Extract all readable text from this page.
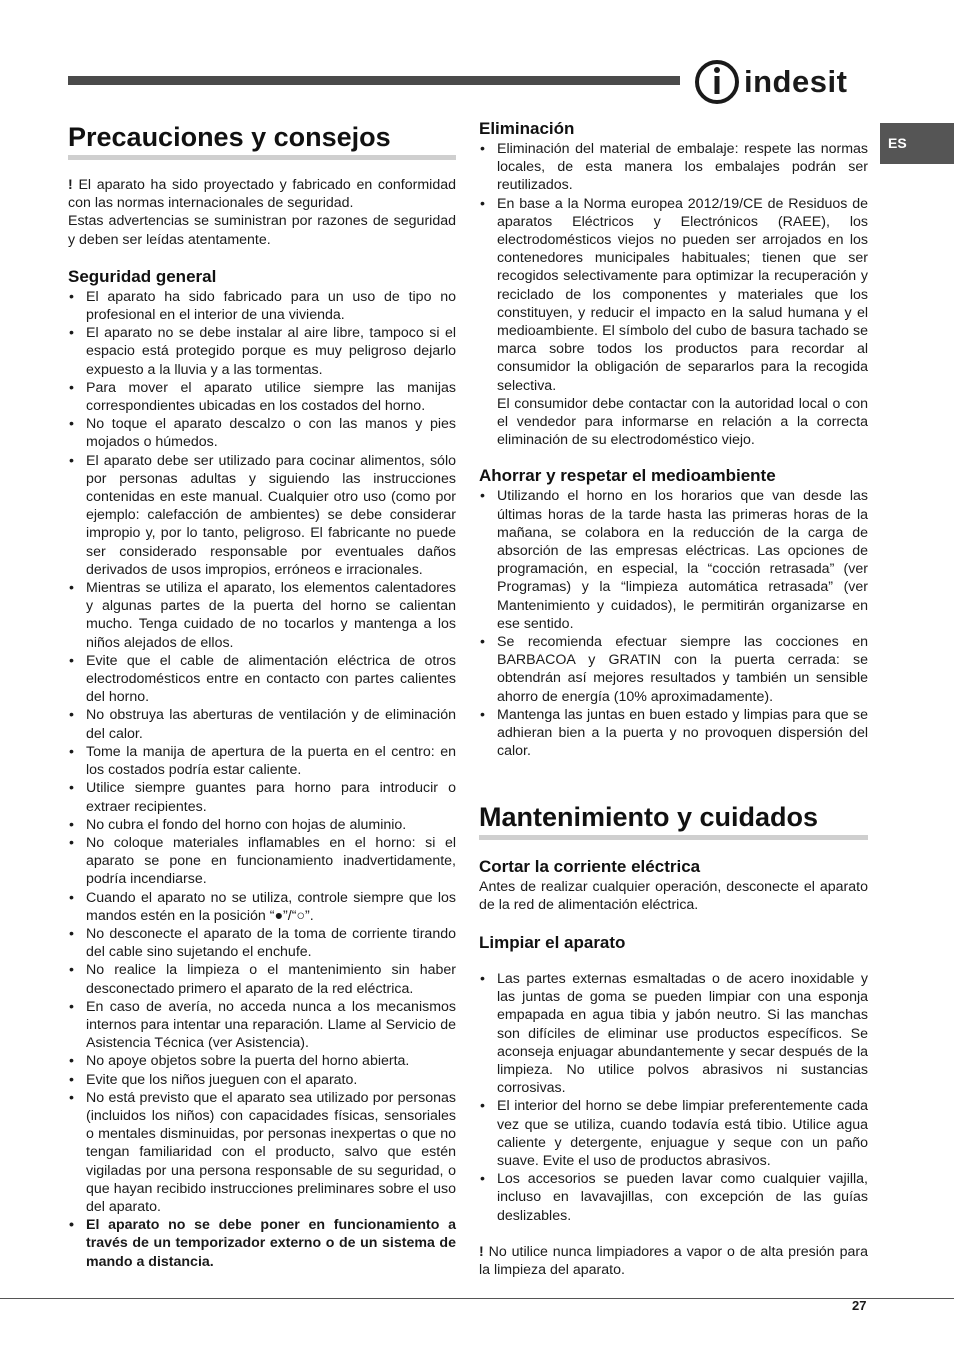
indesit
ES
Precauciones y consejos

! El aparato ha sido proyectado y fabricado en conformidad con las normas internacionales de seguridad.

Estas advertencias se suministran por razones de seguridad y deben ser leídas atentamente.

Seguridad general
• El aparato ha sido fabricado para un uso de tipo no profesional en el interior de una vivienda.
• El aparato no se debe instalar al aire libre, tampoco si el espacio está protegido porque es muy peligroso dejarlo expuesto a la lluvia y a las tormentas.
• Para mover el aparato utilice siempre las manijas correspondientes ubicadas en los costados del horno.
• No toque el aparato descalzo o con las manos y pies mojados o húmedos.
• El aparato debe ser utilizado para cocinar alimentos, sólo por personas adultas y siguiendo las instrucciones contenidas en este manual. Cualquier otro uso (como por ejemplo: calefacción de ambientes) se debe considerar impropio y, por lo tanto, peligroso. El fabricante no puede ser considerado responsable por eventuales daños derivados de usos impropios, erróneos e irracionales.
• Mientras se utiliza el aparato, los elementos calentadores y algunas partes de la puerta del horno se calientan mucho. Tenga cuidado de no tocarlos y mantenga a los niños alejados de ellos.
• Evite que el cable de alimentación eléctrica de otros electrodomésticos entre en contacto con partes calientes del horno.
• No obstruya las aberturas de ventilación y de eliminación del calor.
• Tome la manija de apertura de la puerta en el centro: en los costados podría estar caliente.
• Utilice siempre guantes para horno para introducir o extraer recipientes.
• No cubra el fondo del horno con hojas de aluminio.
• No coloque materiales inflamables en el horno: si el aparato se pone en funcionamiento inadvertidamente, podría incendiarse.
• Cuando el aparato no se utiliza, controle siempre que los mandos estén en la posición “●”/“○”.
• No desconecte el aparato de la toma de corriente tirando del cable sino sujetando el enchufe.
• No realice la limpieza o el mantenimiento sin haber desconectado primero el aparato de la red eléctrica.
• En caso de avería, no acceda nunca a los mecanismos internos para intentar una reparación. Llame al Servicio de Asistencia Técnica (ver Asistencia).
• No apoye objetos sobre la puerta del horno abierta.
• Evite que los niños jueguen con el aparato.
• No está previsto que el aparato sea utilizado por personas (incluidos los niños) con capacidades físicas, sensoriales o mentales disminuidas, por personas inexpertas o que no tengan familiaridad con el producto, salvo que estén vigiladas por una persona responsable de su seguridad, o que hayan recibido instrucciones preliminares sobre el uso del aparato.
• El aparato no se debe poner en funcionamiento a través de un temporizador externo o de un sistema de mando a distancia.
Eliminación
• Eliminación del material de embalaje: respete las normas locales, de esta manera los embalajes podrán ser reutilizados.
• En base a la Norma europea 2012/19/CE de Residuos de aparatos Eléctricos y Electrónicos (RAEE), los electrodomésticos viejos no pueden ser arrojados en los contenedores municipales habituales; tienen que ser recogidos selectivamente para optimizar la recuperación y reciclado de los componentes y materiales que los constituyen, y reducir el impacto en la salud humana y el medioambiente. El símbolo del cubo de basura tachado se marca sobre todos los productos para recordar al consumidor la obligación de separarlos para la recogida selectiva.

El consumidor debe contactar con la autoridad local o con el vendedor para informarse en relación a la correcta eliminación de su electrodoméstico viejo.

Ahorrar y respetar el medioambiente
• Utilizando el horno en los horarios que van desde las últimas horas de la tarde hasta las primeras horas de la mañana, se colabora en la reducción de la carga de absorción de las empresas eléctricas. Las opciones de programación, en especial, la “cocción retrasada” (ver Programas) y la “limpieza automática retrasada” (ver Mantenimiento y cuidados), le permitirán organizarse en ese sentido.
• Se recomienda efectuar siempre las cocciones en BARBACOA y GRATIN con la puerta cerrada: se obtendrán así mejores resultados y también un sensible ahorro de energía (10% aproximadamente).
• Mantenga las juntas en buen estado y limpias para que se adhieran bien a la puerta y no provoquen dispersión del calor.
Mantenimiento y cuidados
Cortar la corriente eléctrica

Antes de realizar cualquier operación, desconecte el aparato de la red de alimentación eléctrica.

Limpiar el aparato
• Las partes externas esmaltadas o de acero inoxidable y las juntas de goma se pueden limpiar con una esponja empapada en agua tibia y jabón neutro. Si las manchas son difíciles de eliminar use productos específicos. Se aconseja enjuagar abundantemente y secar después de la limpieza. No utilice polvos abrasivos ni sustancias corrosivas.
• El interior del horno se debe limpiar preferentemente cada vez que se utiliza, cuando todavía está tibio. Utilice agua caliente y detergente, enjuague y seque con un paño suave. Evite el uso de productos abrasivos.
• Los accesorios se pueden lavar como cualquier vajilla, incluso en lavavajillas, con excepción de las guías deslizables.

! No utilice nunca limpiadores a vapor o de alta presión para la limpieza del aparato.

27
